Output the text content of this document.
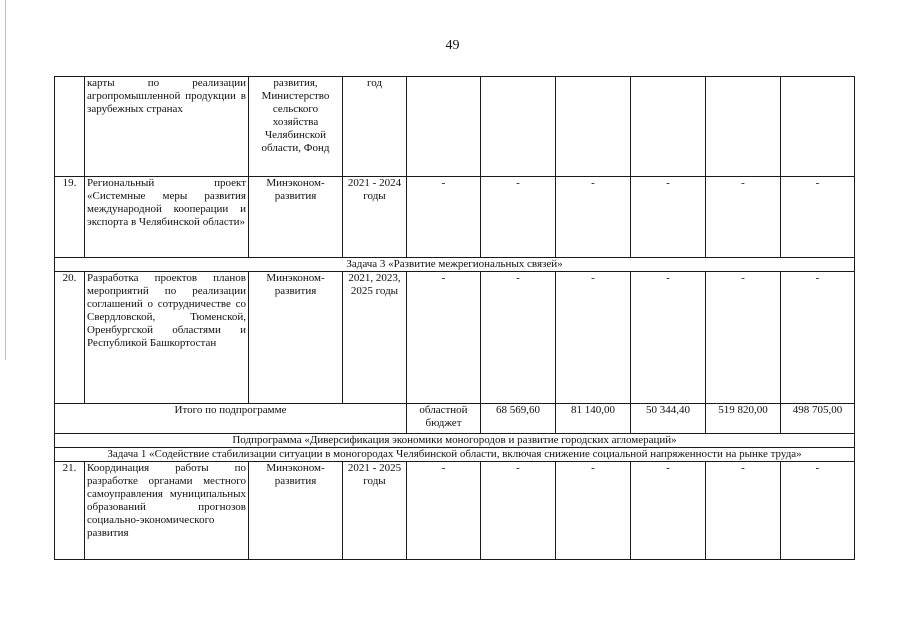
49
	карты по реализации агропромышленной продукции в зарубежных странах	развития, Министерство сельского хозяйства Челябинской области, Фонд	год						
19.	Региональный проект «Системные меры развития международной кооперации и экспорта в Челябинской области»	Минэконом-развития	2021 - 2024 годы	-	-	-	-	-	-
Задача 3 «Развитие межрегиональных связей»									
20.	Разработка проектов планов мероприятий по реализации соглашений о сотрудничестве со Свердловской, Тюменской, Оренбургской областями и Республикой Башкортостан	Минэконом-развития	2021, 2023, 2025 годы	-	-	-	-	-	-
Итого по подпрограмме				областной бюджет	68 569,60	81 140,00	50 344,40	519 820,00	498 705,00
Подпрограмма «Диверсификация экономики моногородов и развитие городских агломераций»									
Задача 1 «Содействие стабилизации ситуации в моногородах Челябинской области, включая снижение социальной напряженности на рынке труда»									
21.	Координация работы по разработке органами местного самоуправления муниципальных образований прогнозов социально-экономического развития	Минэконом-развития	2021 - 2025 годы	-	-	-	-	-	-
